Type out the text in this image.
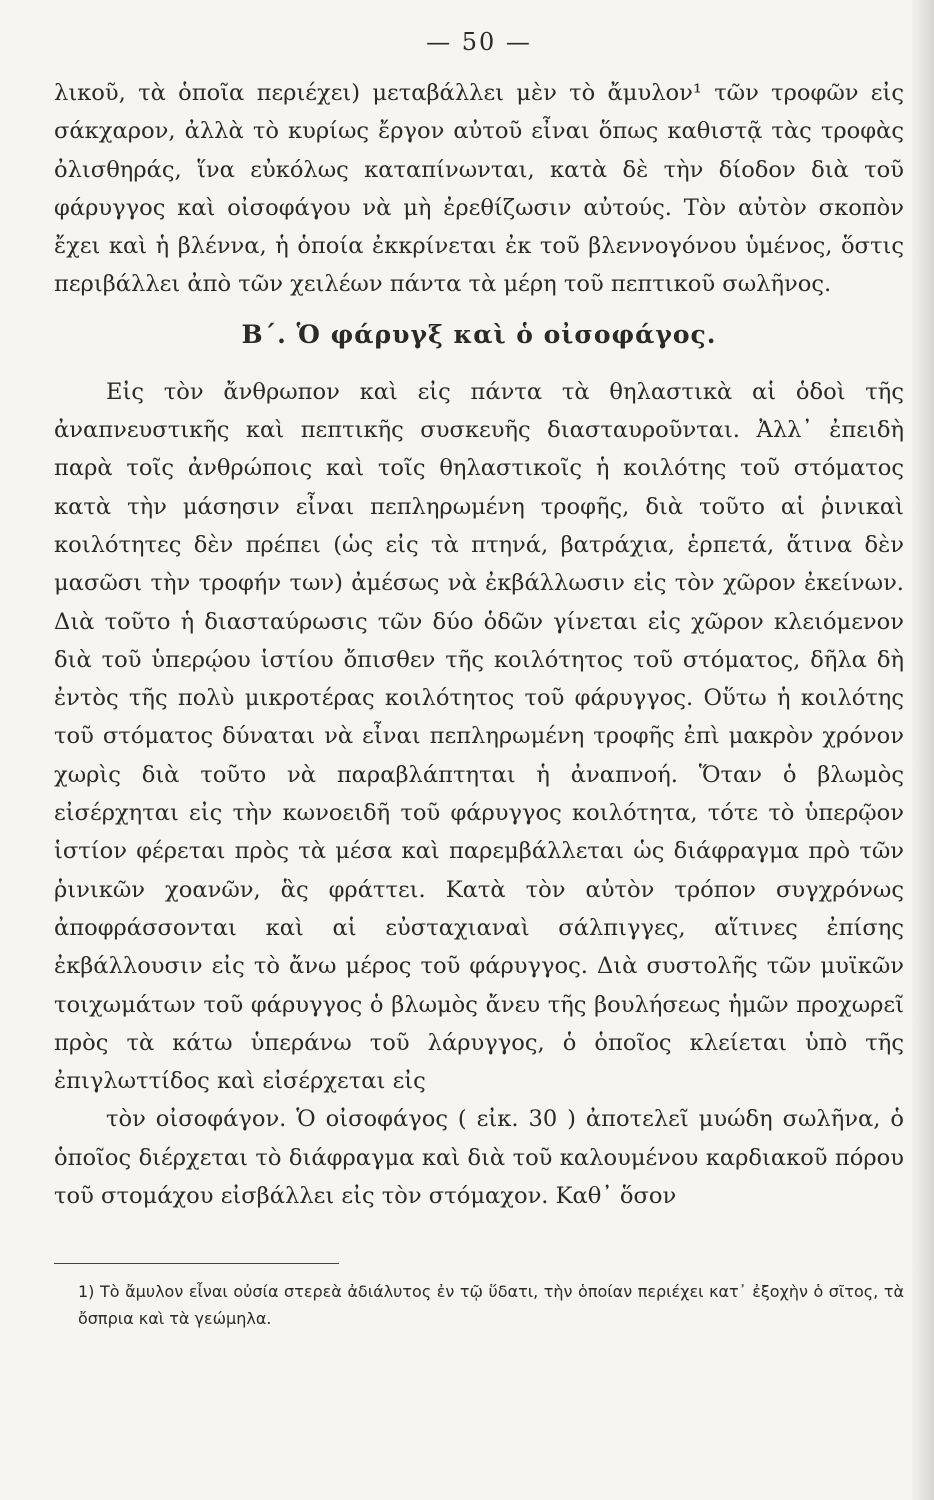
— 50 —

λικοῦ, τὰ ὁποῖα περιέχει) μεταβάλλει μὲν τὸ ἄμυλον¹ τῶν τροφῶν εἰς σάκχαρον, ἀλλὰ τὸ κυρίως ἔργον αὐτοῦ εἶναι ὅπως καθιστᾷ τὰς τροφὰς ὀλισθηράς, ἵνα εὐκόλως καταπίνωνται, κατὰ δὲ τὴν δίοδον διὰ τοῦ φάρυγγος καὶ οἰσοφάγου νὰ μὴ ἐρεθίζωσιν αὐτούς. Τὸν αὐτὸν σκοπὸν ἔχει καὶ ἡ βλέννα, ἡ ὁποία ἐκκρίνεται ἐκ τοῦ βλεννογόνου ὑμένος, ὅστις περιβάλλει ἀπὸ τῶν χειλέων πάντα τὰ μέρη τοῦ πεπτικοῦ σωλῆνος.

Β΄. Ὁ φάρυγξ καὶ ὁ οἰσοφάγος.

Εἰς τὸν ἄνθρωπον καὶ εἰς πάντα τὰ θηλαστικὰ αἱ ὁδοὶ τῆς ἀναπνευστικῆς καὶ πεπτικῆς συσκευῆς διασταυροῦνται. Ἀλλ᾿ ἐπειδὴ παρὰ τοῖς ἀνθρώποις καὶ τοῖς θηλαστικοῖς ἡ κοιλότης τοῦ στόματος κατὰ τὴν μάσησιν εἶναι πεπληρωμένη τροφῆς, διὰ τοῦτο αἱ ῥινικαὶ κοιλότητες δὲν πρέπει (ὡς εἰς τὰ πτηνά, βατράχια, ἑρπετά, ἅτινα δὲν μασῶσι τὴν τροφήν των) ἀμέσως νὰ ἐκβάλλωσιν εἰς τὸν χῶρον ἐκείνων. Διὰ τοῦτο ἡ διασταύρωσις τῶν δύο ὁδῶν γίνεται εἰς χῶρον κλειόμενον διὰ τοῦ ὑπερῴου ἱστίου ὄπισθεν τῆς κοιλότητος τοῦ στόματος, δῆλα δὴ ἐντὸς τῆς πολὺ μικροτέρας κοιλότητος τοῦ φάρυγγος. Οὕτω ἡ κοιλότης τοῦ στόματος δύναται νὰ εἶναι πεπληρωμένη τροφῆς ἐπὶ μακρὸν χρόνον χωρὶς διὰ τοῦτο νὰ παραβλάπτηται ἡ ἀναπνοή. Ὅταν ὁ βλωμὸς εἰσέρχηται εἰς τὴν κωνοειδῆ τοῦ φάρυγγος κοιλότητα, τότε τὸ ὑπερῷον ἱστίον φέρεται πρὸς τὰ μέσα καὶ παρεμβάλλεται ὡς διάφραγμα πρὸ τῶν ῥινικῶν χοανῶν, ἃς φράττει. Κατὰ τὸν αὐτὸν τρόπον συγχρόνως ἀποφράσσονται καὶ αἱ εὐσταχιαναὶ σάλπιγγες, αἵτινες ἐπίσης ἐκβάλλουσιν εἰς τὸ ἄνω μέρος τοῦ φάρυγγος. Διὰ συστολῆς τῶν μυϊκῶν τοιχωμάτων τοῦ φάρυγγος ὁ βλωμὸς ἄνευ τῆς βουλήσεως ἡμῶν προχωρεῖ πρὸς τὰ κάτω ὑπεράνω τοῦ λάρυγγος, ὁ ὁποῖος κλείεται ὑπὸ τῆς ἐπιγλωττίδος καὶ εἰσέρχεται εἰς

τὸν οἰσοφάγον. Ὁ οἰσοφάγος ( εἰκ. 30 ) ἀποτελεῖ μυώδη σωλῆνα, ὁ ὁποῖος διέρχεται τὸ διάφραγμα καὶ διὰ τοῦ καλουμένου καρδιακοῦ πόρου τοῦ στομάχου εἰσβάλλει εἰς τὸν στόμαχον. Καθ᾿ ὅσον

1) Τὸ ἄμυλον εἶναι οὐσία στερεὰ ἀδιάλυτος ἐν τῷ ὕδατι, τὴν ὁποίαν περιέχει κατ᾿ ἐξοχὴν ὁ σῖτος, τὰ ὄσπρια καὶ τὰ γεώμηλα.
